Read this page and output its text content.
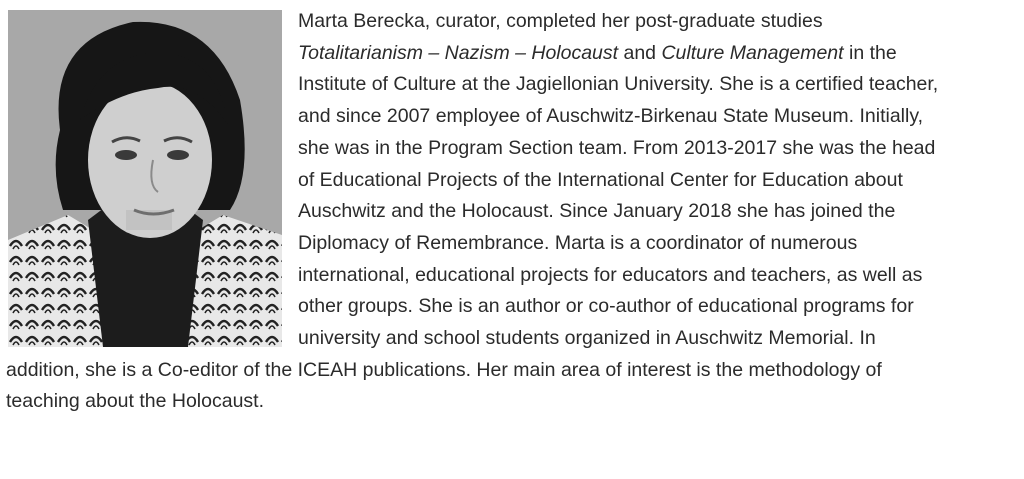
Marta Berecka, curator, completed her post-graduate studies
Totalitarianism – Nazism – Holocaust and Culture Management in the
Institute of Culture at the Jagiellonian University. She is a certified teacher,
and since 2007 employee of Auschwitz-Birkenau State Museum. Initially,
she was in the Program Section team. From 2013-2017 she was the head
of Educational Projects of the International Center for Education about
Auschwitz and the Holocaust. Since January 2018 she has joined the
Diplomacy of Remembrance. Marta is a coordinator of numerous
international, educational projects for educators and teachers, as well as
other groups. She is an author or co-author of educational programs for
university and school students organized in Auschwitz Memorial. In
addition, she is a Co-editor of the ICEAH publications. Her main area of interest is the methodology of
teaching about the Holocaust.
